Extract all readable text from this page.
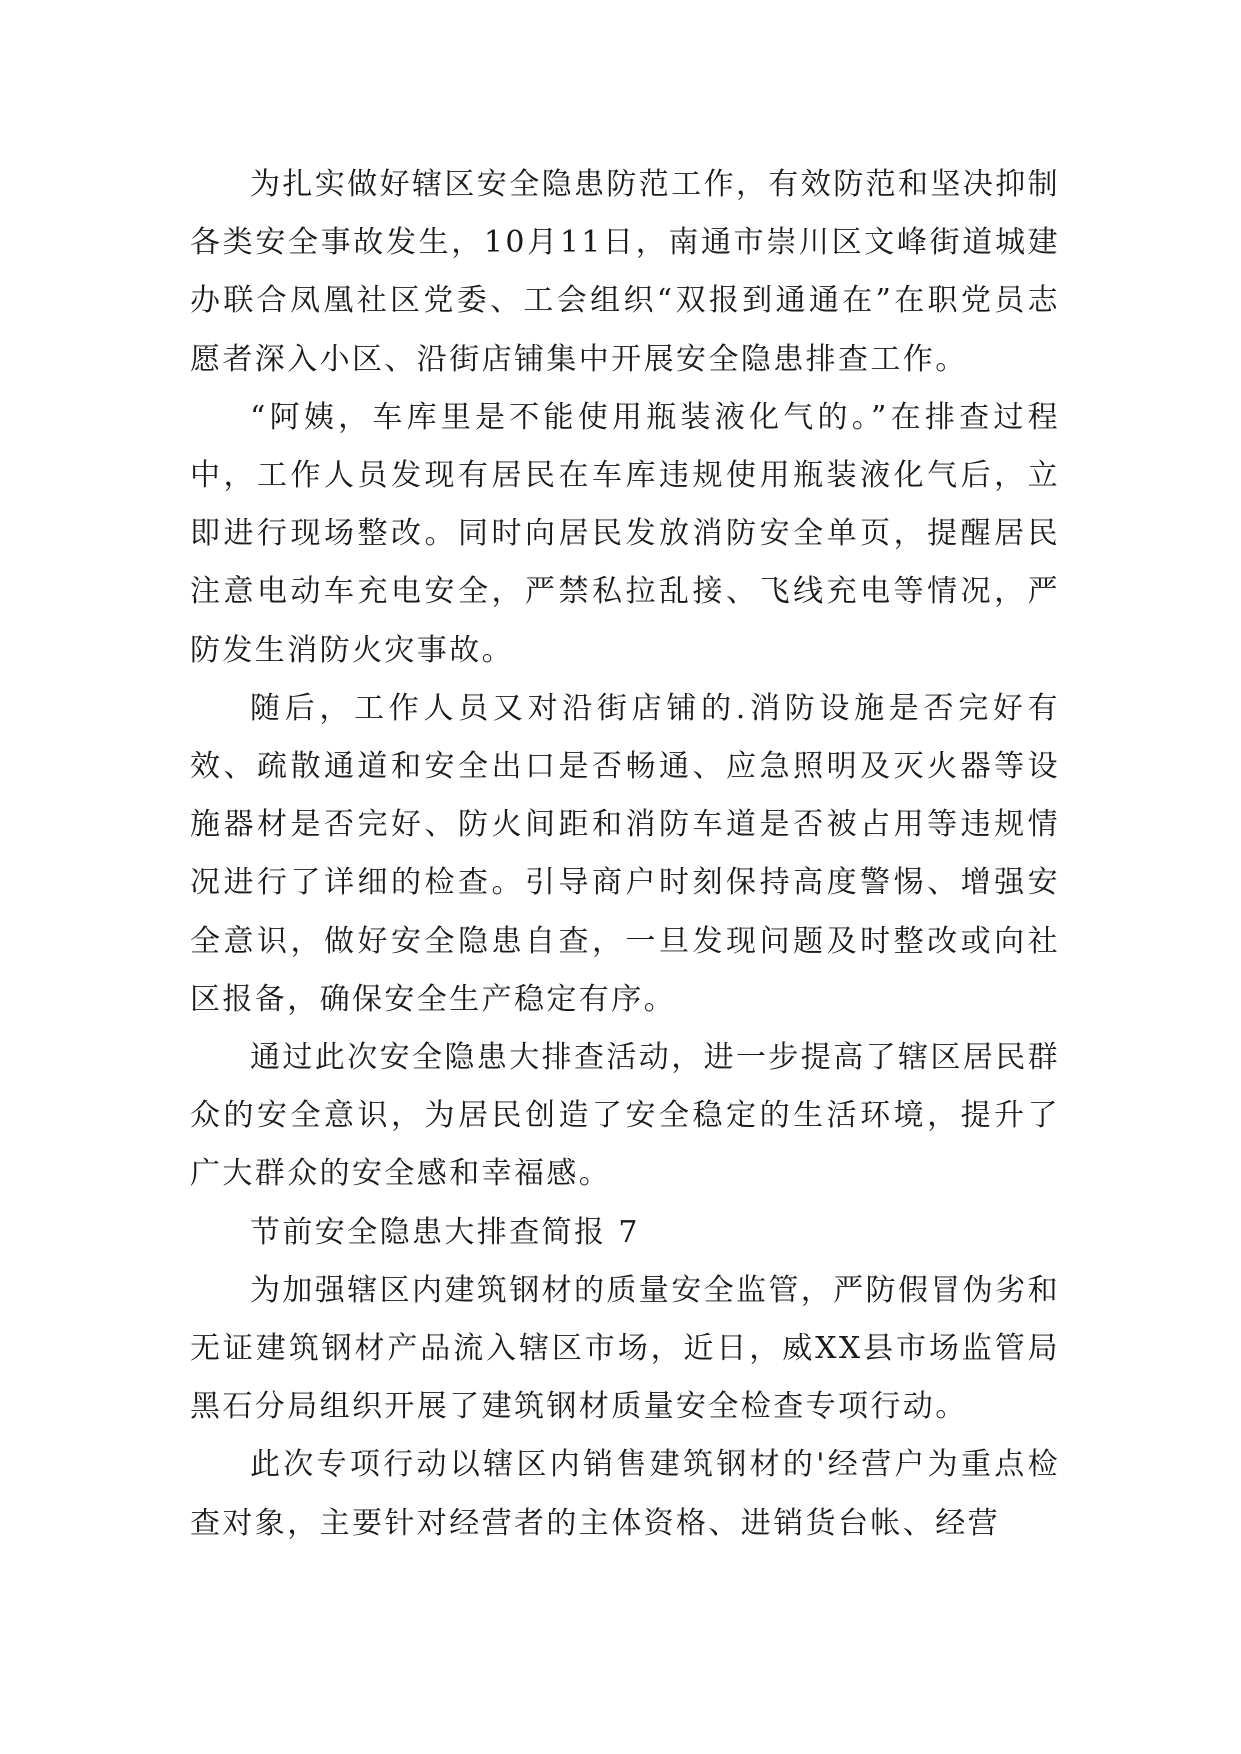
为扎实做好辖区安全隐患防范工作，有效防范和坚决抑制各类安全事故发生，10月11日，南通市崇川区文峰街道城建办联合凤凰社区党委、工会组织“双报到通通在”在职党员志愿者深入小区、沿街店铺集中开展安全隐患排查工作。

“阿姨，车库里是不能使用瓶装液化气的。”在排查过程中，工作人员发现有居民在车库违规使用瓶装液化气后，立即进行现场整改。同时向居民发放消防安全单页，提醒居民注意电动车充电安全，严禁私拉乱接、飞线充电等情况，严防发生消防火灾事故。

随后，工作人员又对沿街店铺的.消防设施是否完好有效、疏散通道和安全出口是否畅通、应急照明及灭火器等设施器材是否完好、防火间距和消防车道是否被占用等违规情况进行了详细的检查。引导商户时刻保持高度警惕、增强安全意识，做好安全隐患自查，一旦发现问题及时整改或向社区报备，确保安全生产稳定有序。

通过此次安全隐患大排查活动，进一步提高了辖区居民群众的安全意识，为居民创造了安全稳定的生活环境，提升了广大群众的安全感和幸福感。

节前安全隐患大排查简报 7

为加强辖区内建筑钢材的质量安全监管，严防假冒伪劣和无证建筑钢材产品流入辖区市场，近日，威XX县市场监管局黑石分局组织开展了建筑钢材质量安全检查专项行动。

此次专项行动以辖区内销售建筑钢材的'经营户为重点检查对象，主要针对经营者的主体资格、进销货台帐、经营
